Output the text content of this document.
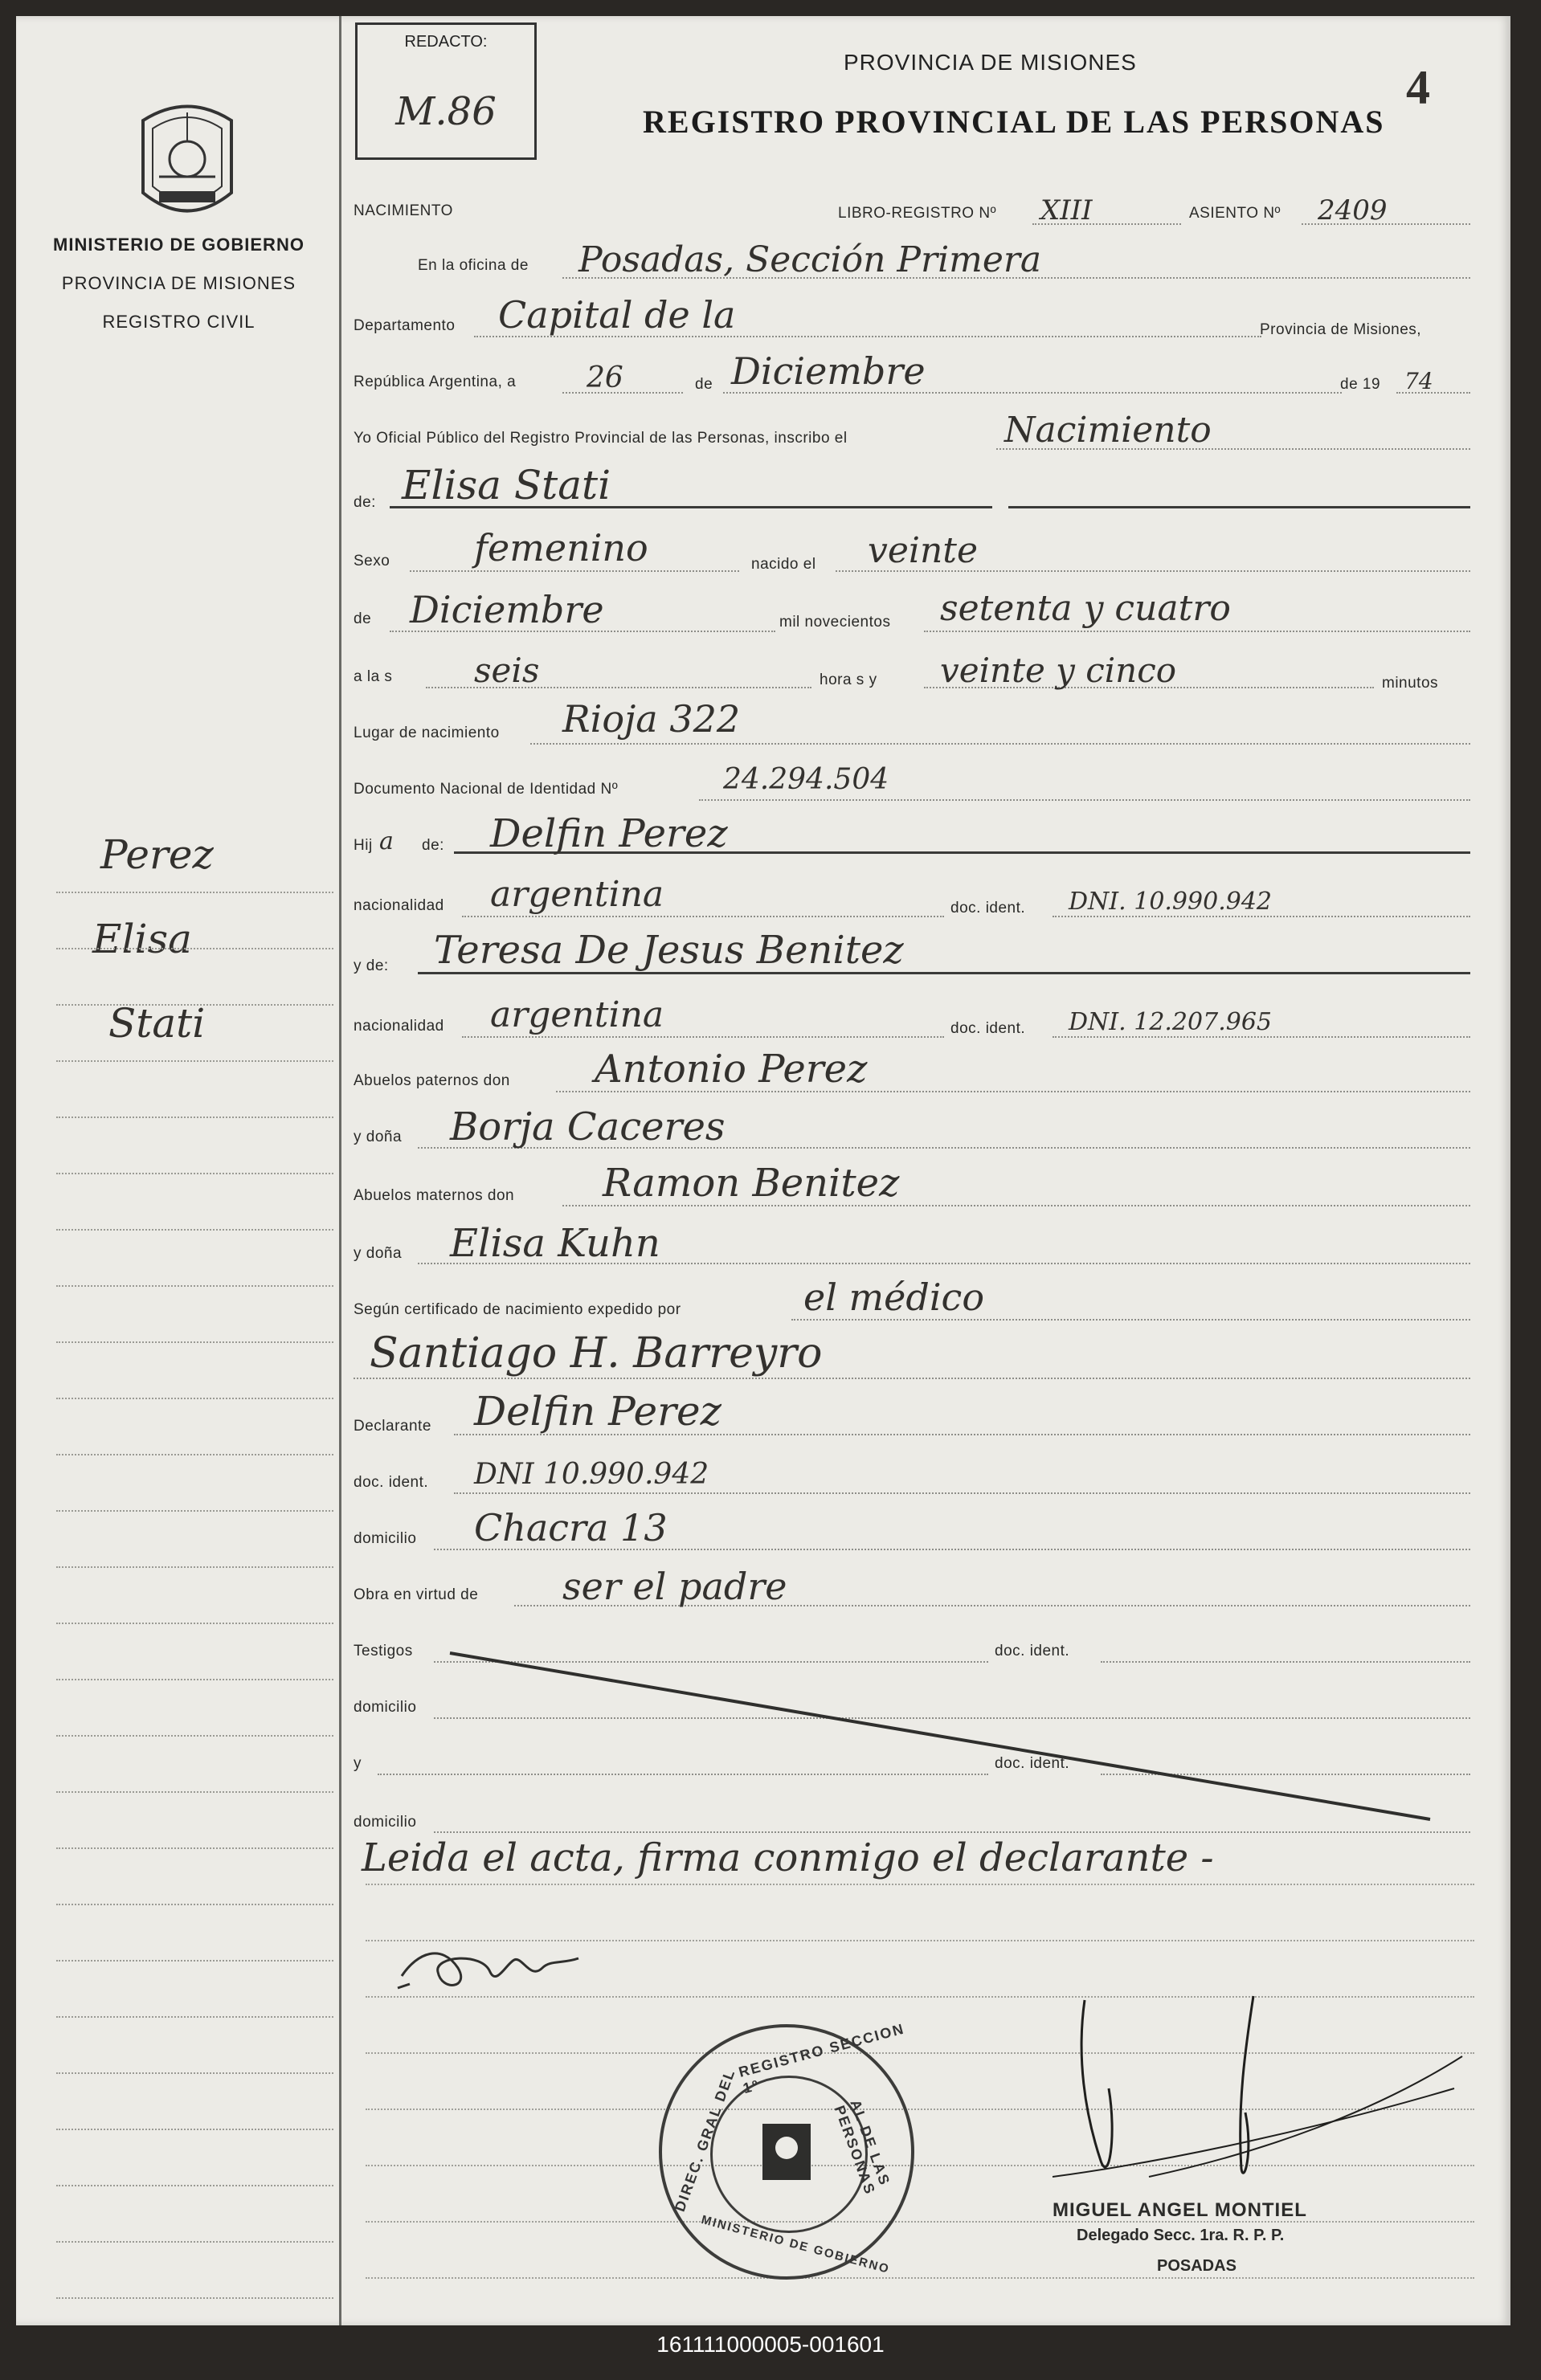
MINISTERIO DE GOBIERNO
PROVINCIA DE MISIONES
REGISTRO CIVIL
Perez
Elisa
Stati
REDACTO:
M.86
PROVINCIA DE MISIONES
REGISTRO PROVINCIAL DE LAS PERSONAS
4
NACIMIENTO	LIBRO-REGISTRO Nº XIII	ASIENTO Nº 2409
En la oficina de Posadas, Sección Primera
Departamento Capital de la	Provincia de Misiones,
República Argentina, a 26	de Diciembre	de 19 74
Yo Oficial Público del Registro Provincial de las Personas, inscribo el	Nacimiento
de: Elisa Stati
Sexo femenino	nacido el veinte
de Diciembre	mil novecientos setenta y cuatro
a la s seis	hora s y veinte y cinco	minutos
Lugar de nacimiento Rioja 322
Documento Nacional de Identidad Nº	24.294.504
Hij a de: Delfin Perez
nacionalidad argentina	doc. ident. DNI. 10.990.942
y de: Teresa De Jesus Benitez
nacionalidad argentina	doc. ident. DNI. 12.207.965
Abuelos paternos don Antonio Perez
y doña Borja Caceres
Abuelos maternos don Ramon Benitez
y doña Elisa Kuhn
Según certificado de nacimiento expedido por	el médico
Santiago H. Barreyro
Declarante Delfin Perez
doc. ident. DNI 10.990.942
domicilio Chacra 13
Obra en virtud de ser el padre
Testigos	doc. ident.
domicilio
y	doc. ident.
domicilio
Leida el acta, firma conmigo el declarante -
REGISTRO SECCION 1º
DIREC. GRAL DEL	AL DE LAS PERSONAS
MINISTERIO DE GOBIERNO
MIGUEL ANGEL MONTIEL
Delegado Secc. 1ra. R. P. P.
POSADAS
161111000005-001601
